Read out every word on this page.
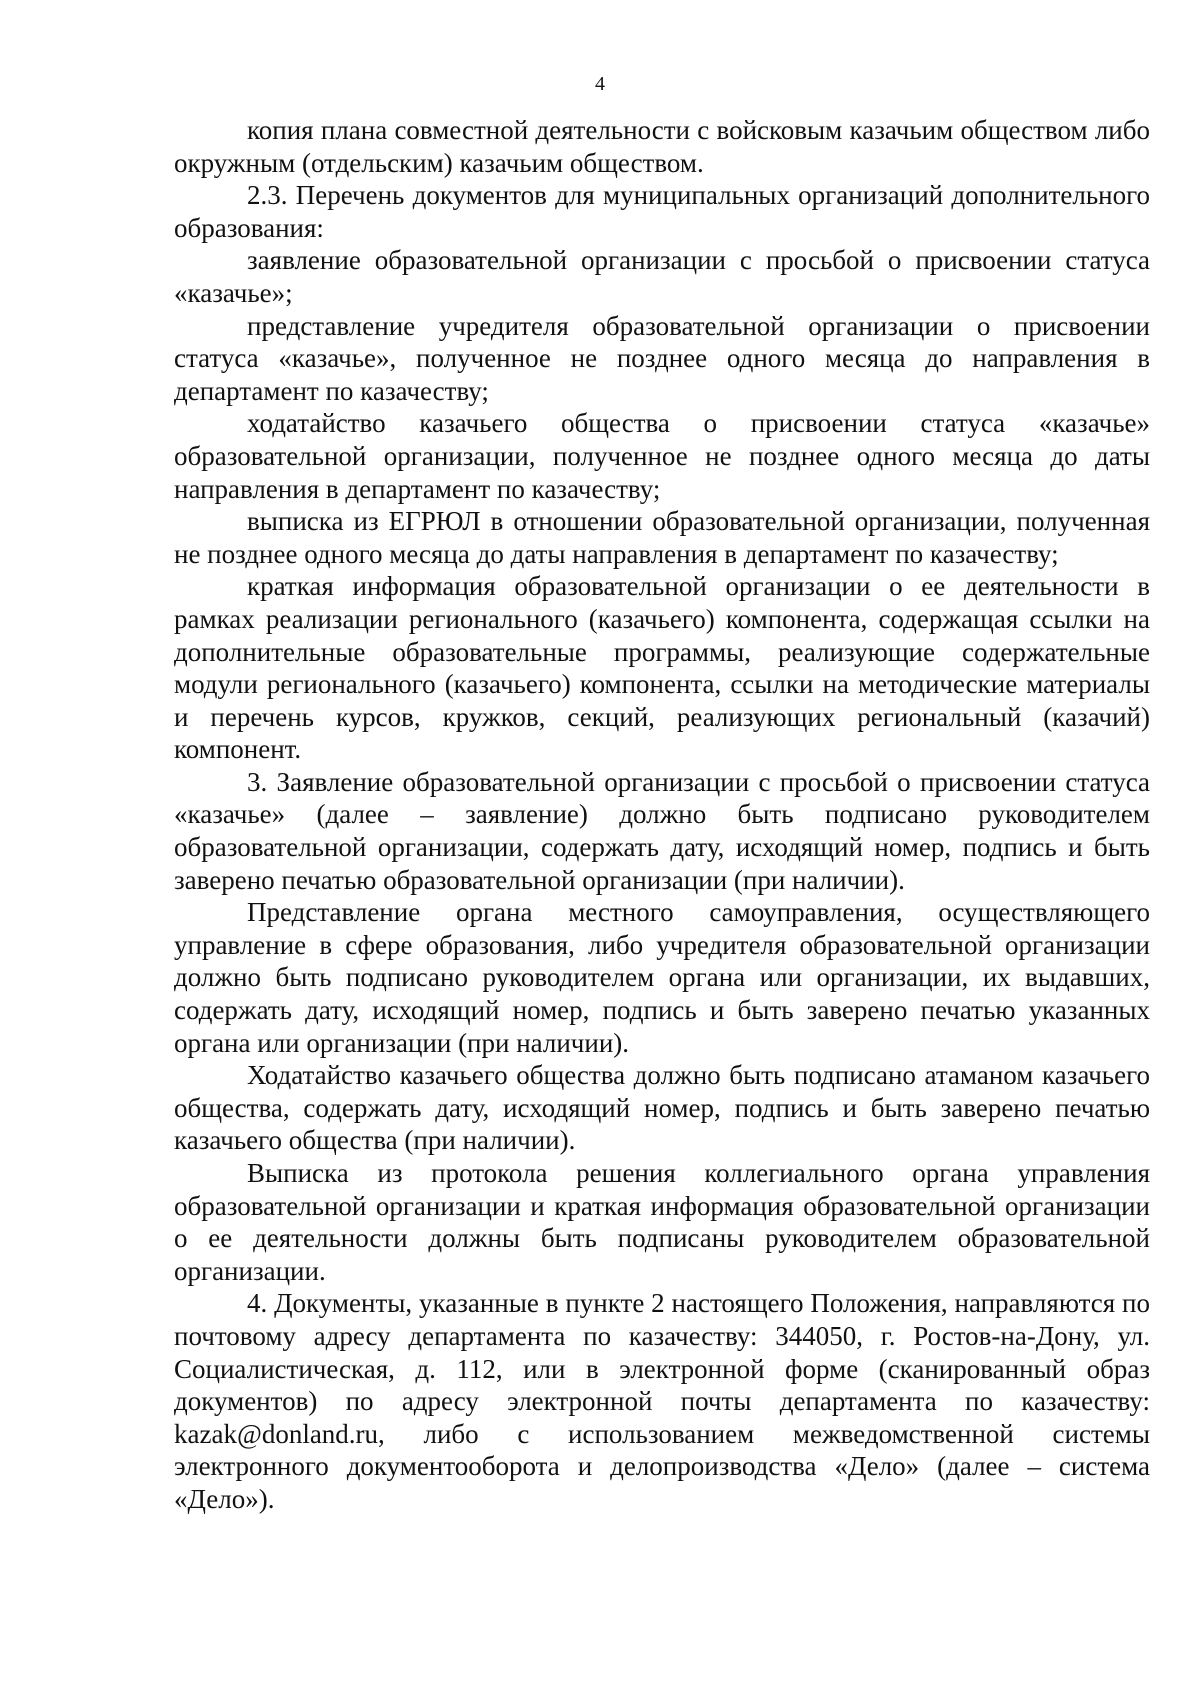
4

копия плана совместной деятельности с войсковым казачьим обществом либо окружным (отдельским) казачьим обществом.

2.3. Перечень документов для муниципальных организаций дополнительного образования:

заявление образовательной организации с просьбой о присвоении статуса «казачье»;

представление учредителя образовательной организации о присвоении статуса «казачье», полученное не позднее одного месяца до направления в департамент по казачеству;

ходатайство казачьего общества о присвоении статуса «казачье» образовательной организации, полученное не позднее одного месяца до даты направления в департамент по казачеству;

выписка из ЕГРЮЛ в отношении образовательной организации, полученная не позднее одного месяца до даты направления в департамент по казачеству;

краткая информация образовательной организации о ее деятельности в рамках реализации регионального (казачьего) компонента, содержащая ссылки на дополнительные образовательные программы, реализующие содержательные модули регионального (казачьего) компонента, ссылки на методические материалы и перечень курсов, кружков, секций, реализующих региональный (казачий) компонент.

3. Заявление образовательной организации с просьбой о присвоении статуса «казачье» (далее – заявление) должно быть подписано руководителем образовательной организации, содержать дату, исходящий номер, подпись и быть заверено печатью образовательной организации (при наличии).

Представление органа местного самоуправления, осуществляющего управление в сфере образования, либо учредителя образовательной организации должно быть подписано руководителем органа или организации, их выдавших, содержать дату, исходящий номер, подпись и быть заверено печатью указанных органа или организации (при наличии).

Ходатайство казачьего общества должно быть подписано атаманом казачьего общества, содержать дату, исходящий номер, подпись и быть заверено печатью казачьего общества (при наличии).

Выписка из протокола решения коллегиального органа управления образовательной организации и краткая информация образовательной организации о ее деятельности должны быть подписаны руководителем образовательной организации.

4. Документы, указанные в пункте 2 настоящего Положения, направляются по почтовому адресу департамента по казачеству: 344050, г. Ростов-на-Дону, ул. Социалистическая, д. 112, или в электронной форме (сканированный образ документов) по адресу электронной почты департамента по казачеству: kazak@donland.ru, либо с использованием межведомственной системы электронного документооборота и делопроизводства «Дело» (далее – система «Дело»).
